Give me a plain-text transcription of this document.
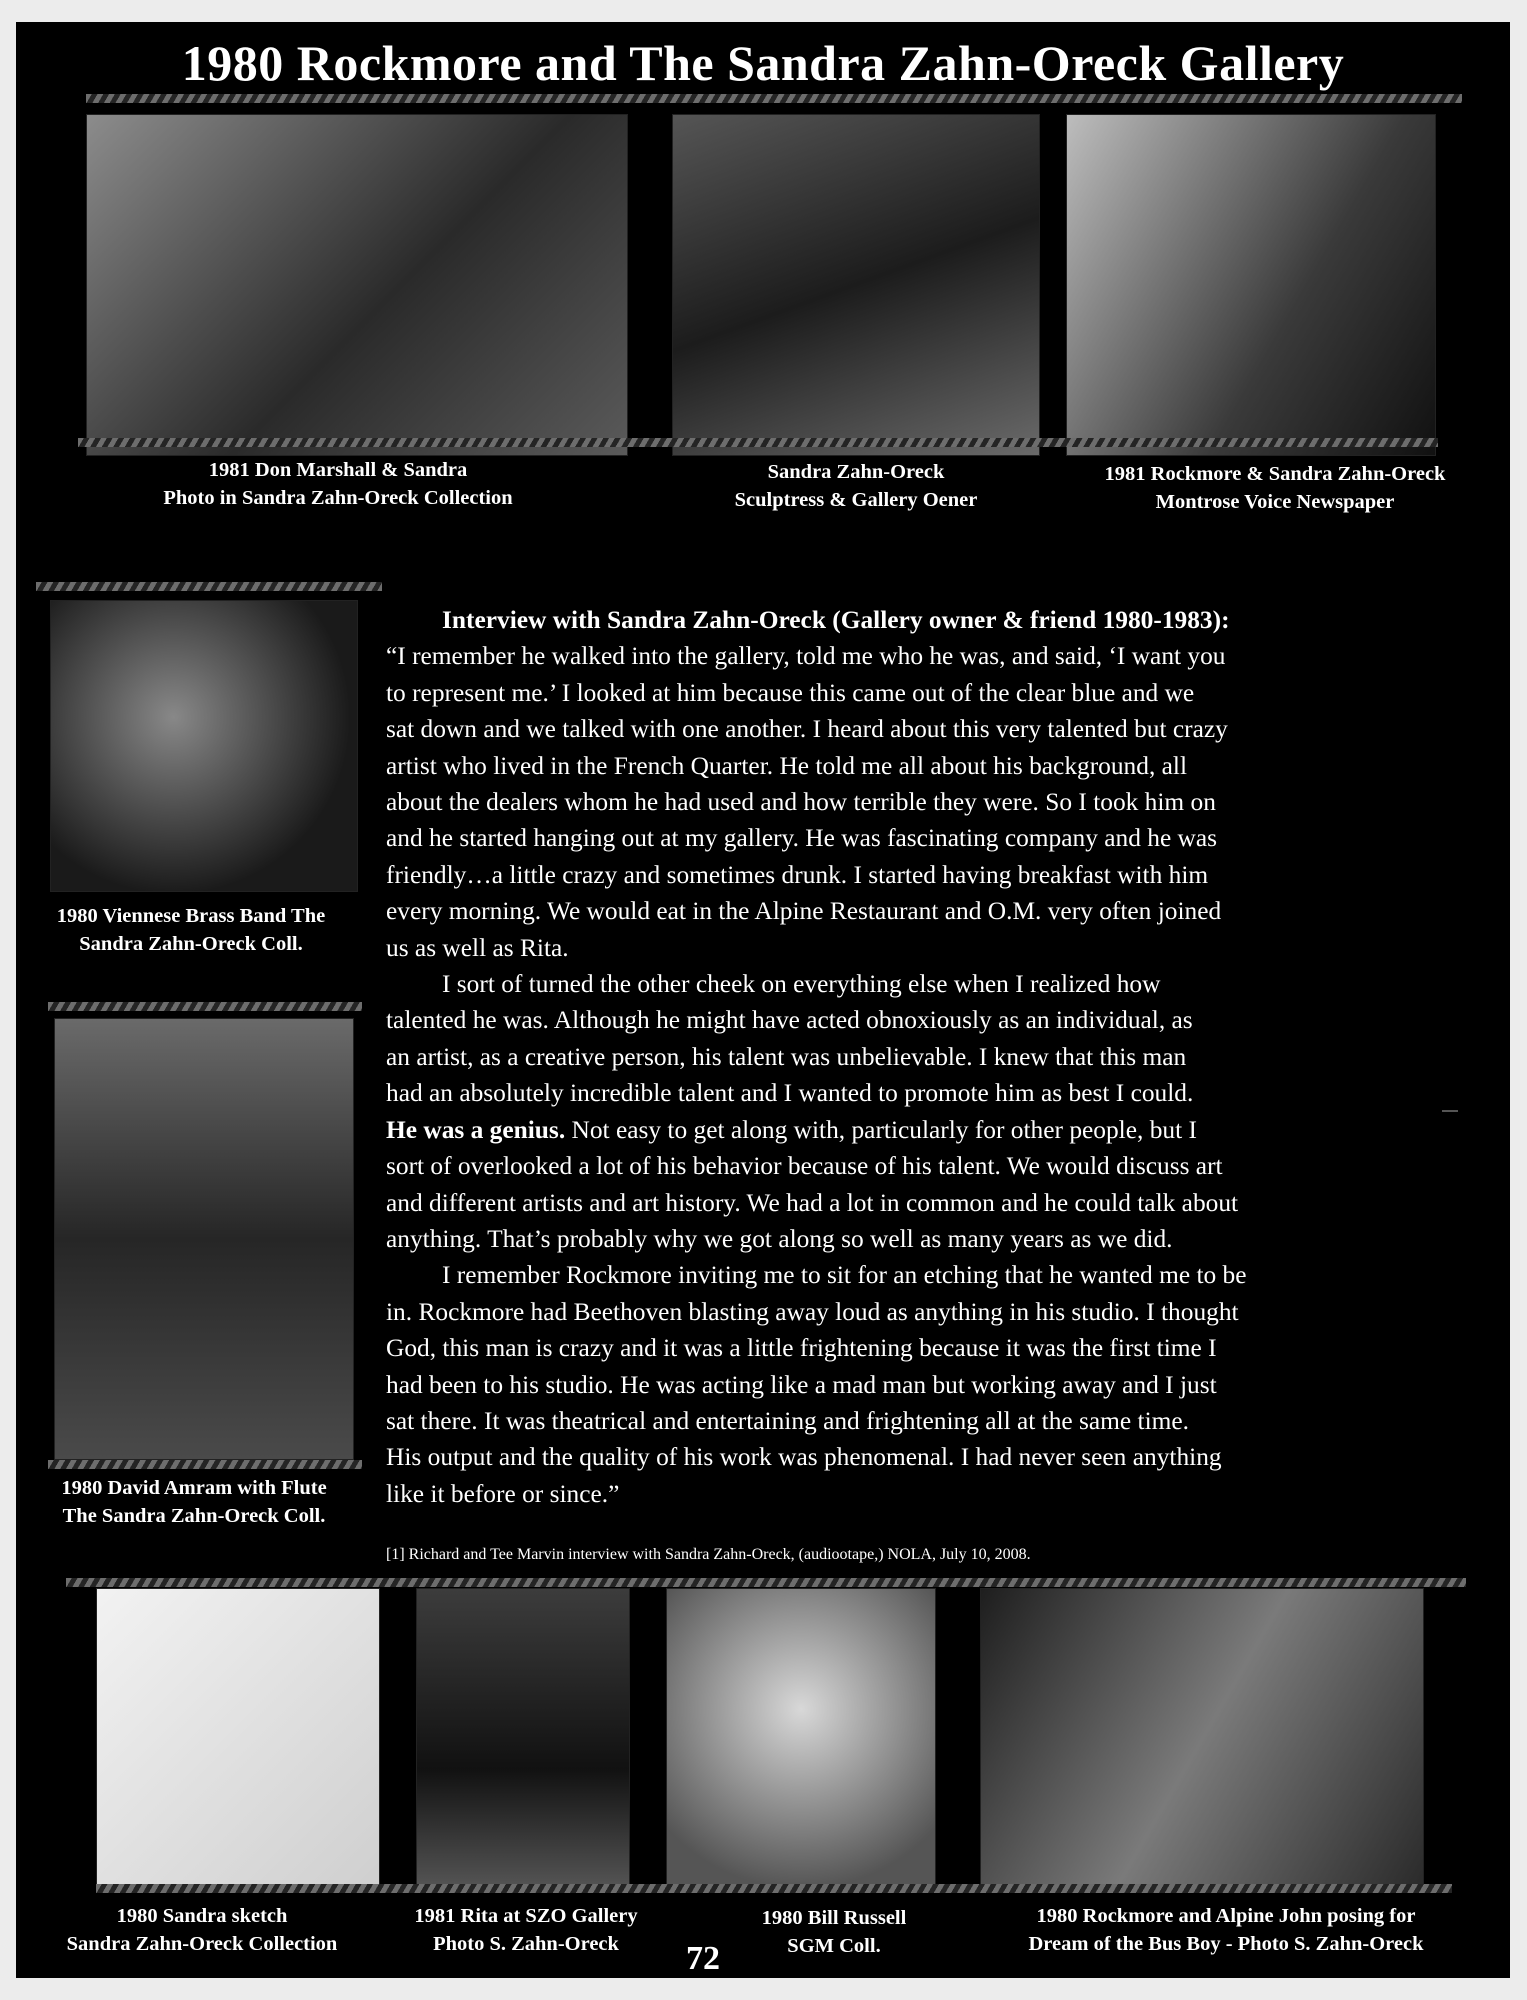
1980 Rockmore and The Sandra Zahn-Oreck Gallery
1981 Don Marshall & Sandra
Photo in Sandra Zahn-Oreck Collection
Sandra Zahn-Oreck
Sculptress & Gallery Oener
1981 Rockmore & Sandra Zahn-Oreck
Montrose Voice Newspaper
1980 Viennese Brass Band The
Sandra Zahn-Oreck Coll.
1980 David Amram with Flute
The Sandra Zahn-Oreck Coll.
Interview with Sandra Zahn-Oreck (Gallery owner & friend 1980-1983):
“I remember he walked into the gallery, told me who he was, and said, ‘I want you
to represent me.’ I looked at him because this came out of the clear blue and we
sat down and we talked with one another. I heard about this very talented but crazy
artist who lived in the French Quarter. He told me all about his background, all
about the dealers whom he had used and how terrible they were. So I took him on
and he started hanging out at my gallery. He was fascinating company and he was
friendly…a little crazy and sometimes drunk. I started having breakfast with him
every morning. We would eat in the Alpine Restaurant and O.M. very often joined
us as well as Rita.
I sort of turned the other cheek on everything else when I realized how
talented he was. Although he might have acted obnoxiously as an individual, as
an artist, as a creative person, his talent was unbelievable. I knew that this man
had an absolutely incredible talent and I wanted to promote him as best I could.
He was a genius. Not easy to get along with, particularly for other people, but I
sort of overlooked a lot of his behavior because of his talent. We would discuss art
and different artists and art history. We had a lot in common and he could talk about
anything. That’s probably why we got along so well as many years as we did.
I remember Rockmore inviting me to sit for an etching that he wanted me to be
in. Rockmore had Beethoven blasting away loud as anything in his studio. I thought
God, this man is crazy and it was a little frightening because it was the first time I
had been to his studio. He was acting like a mad man but working away and I just
sat there. It was theatrical and entertaining and frightening all at the same time.
His output and the quality of his work was phenomenal. I had never seen anything
like it before or since.”
[1] Richard and Tee Marvin interview with Sandra Zahn-Oreck, (audiootape,) NOLA, July 10, 2008.
1980 Sandra sketch
Sandra Zahn-Oreck Collection
1981 Rita at SZO Gallery
Photo S. Zahn-Oreck
1980 Bill Russell
SGM Coll.
1980 Rockmore and Alpine John posing for
Dream of the Bus Boy - Photo S. Zahn-Oreck
72
